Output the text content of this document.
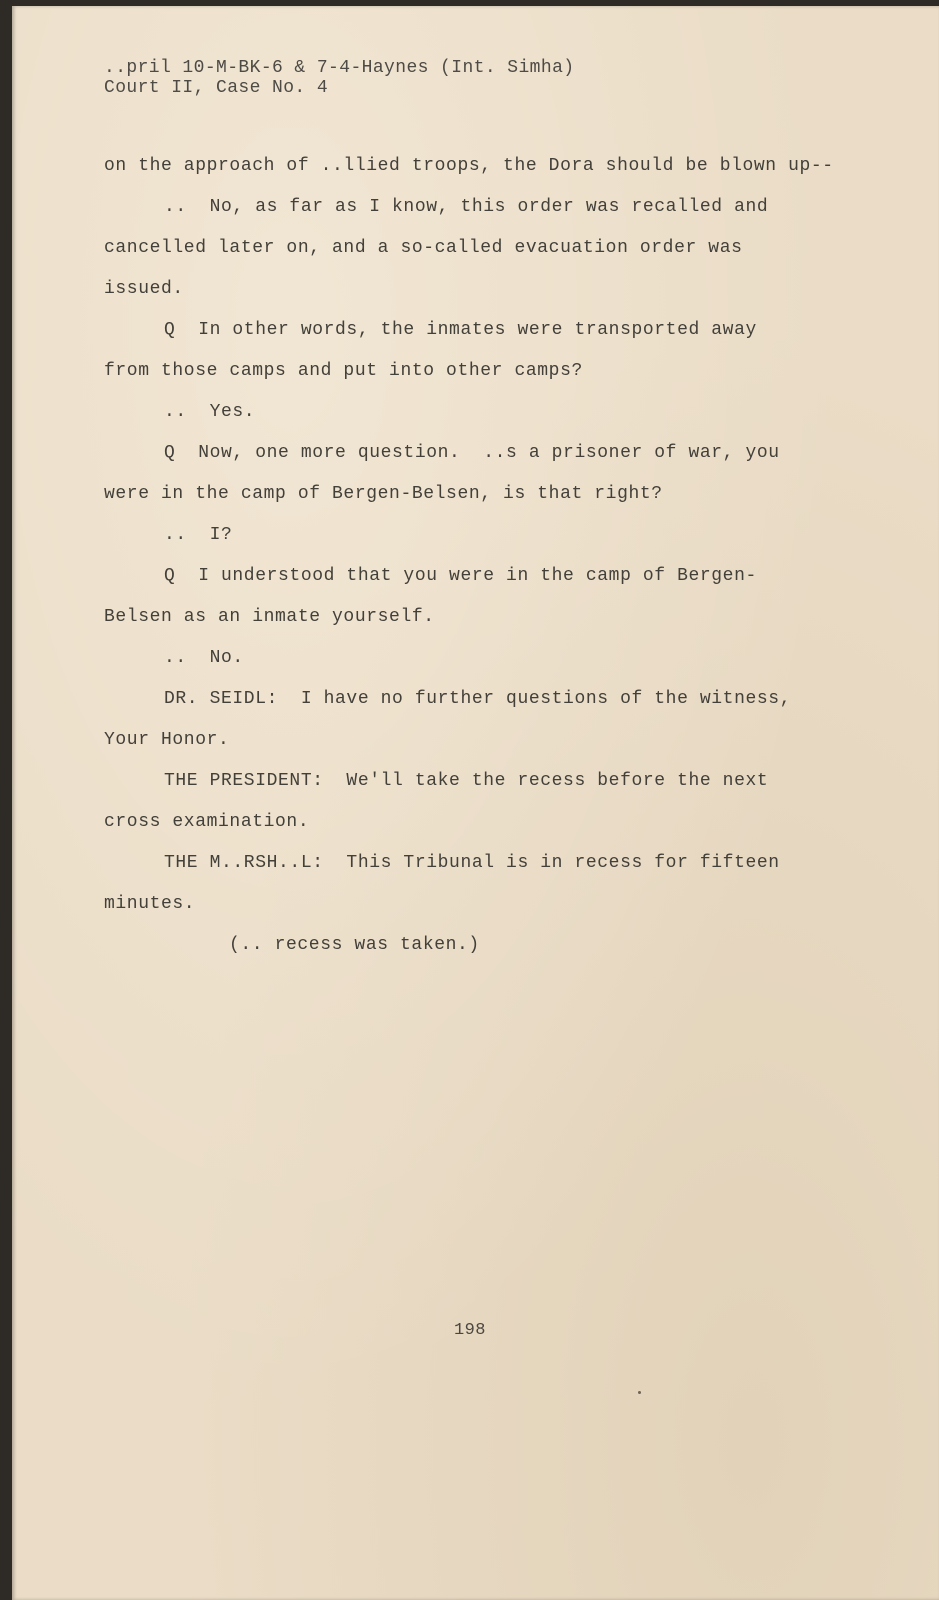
..pril 10-M-BK-6 & 7-4-Haynes (Int. Simha)

Court II, Case No. 4

on the approach of ..llied troops, the Dora should be blown up--

..  No, as far as I know, this order was recalled and

cancelled later on, and a so-called evacuation order was

issued.

Q  In other words, the inmates were transported away

from those camps and put into other camps?

..  Yes.

Q  Now, one more question.  ..s a prisoner of war, you

were in the camp of Bergen-Belsen, is that right?

..  I?

Q  I understood that you were in the camp of Bergen-

Belsen as an inmate yourself.

..  No.

DR. SEIDL:  I have no further questions of the witness,

Your Honor.

THE PRESIDENT:  We'll take the recess before the next

cross examination.

THE M..RSH..L:  This Tribunal is in recess for fifteen

minutes.

(.. recess was taken.)

198
